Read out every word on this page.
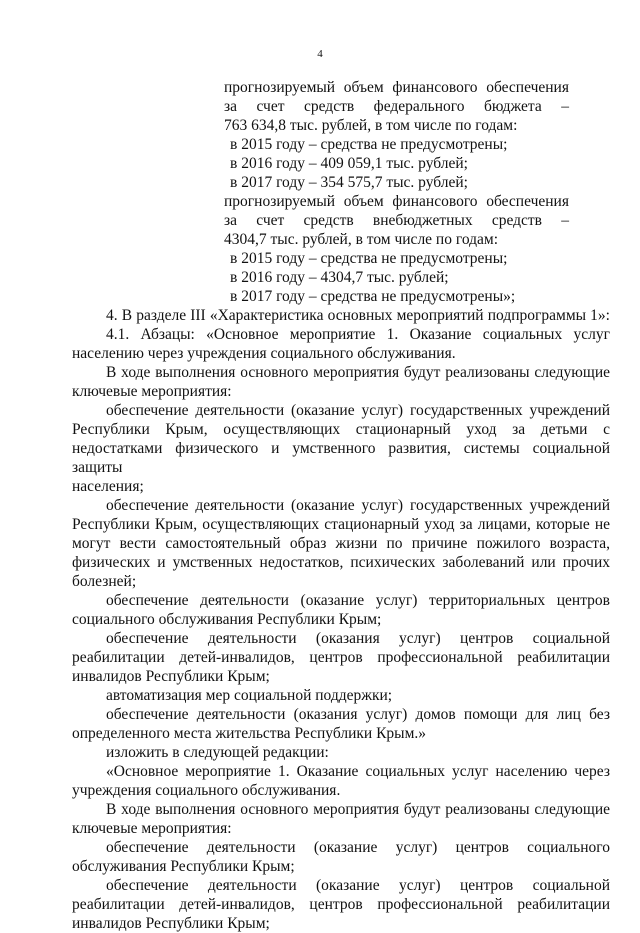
4
прогнозируемый объем финансового обеспечения
за счет средств федерального бюджета –
763 634,8 тыс. рублей, в том числе по годам:
в 2015 году – средства не предусмотрены;
в 2016 году – 409 059,1 тыс. рублей;
в 2017 году – 354 575,7 тыс. рублей;
прогнозируемый объем финансового обеспечения
за счет средств внебюджетных средств –
4304,7 тыс. рублей, в том числе по годам:
в 2015 году – средства не предусмотрены;
в 2016 году – 4304,7 тыс. рублей;
в 2017 году – средства не предусмотрены»;
4. В разделе III «Характеристика основных мероприятий подпрограммы 1»:
4.1. Абзацы: «Основное мероприятие 1. Оказание социальных услуг
населению через учреждения социального обслуживания.
В ходе выполнения основного мероприятия будут реализованы следующие
ключевые мероприятия:
обеспечение деятельности (оказание услуг) государственных учреждений
Республики Крым, осуществляющих стационарный уход за детьми с
недостатками физического и умственного развития, системы социальной защиты
населения;
обеспечение деятельности (оказание услуг) государственных учреждений
Республики Крым, осуществляющих стационарный уход за лицами, которые не
могут вести самостоятельный образ жизни по причине пожилого возраста,
физических и умственных недостатков, психических заболеваний или прочих
болезней;
обеспечение деятельности (оказание услуг) территориальных центров
социального обслуживания Республики Крым;
обеспечение деятельности (оказания услуг) центров социальной
реабилитации детей-инвалидов, центров профессиональной реабилитации
инвалидов Республики Крым;
автоматизация мер социальной поддержки;
обеспечение деятельности (оказания услуг) домов помощи для лиц без
определенного места жительства Республики Крым.»
изложить в следующей редакции:
«Основное мероприятие 1. Оказание социальных услуг населению через
учреждения социального обслуживания.
В ходе выполнения основного мероприятия будут реализованы следующие
ключевые мероприятия:
обеспечение деятельности (оказание услуг) центров социального
обслуживания Республики Крым;
обеспечение деятельности (оказание услуг) центров социальной
реабилитации детей-инвалидов, центров профессиональной реабилитации
инвалидов Республики Крым;
